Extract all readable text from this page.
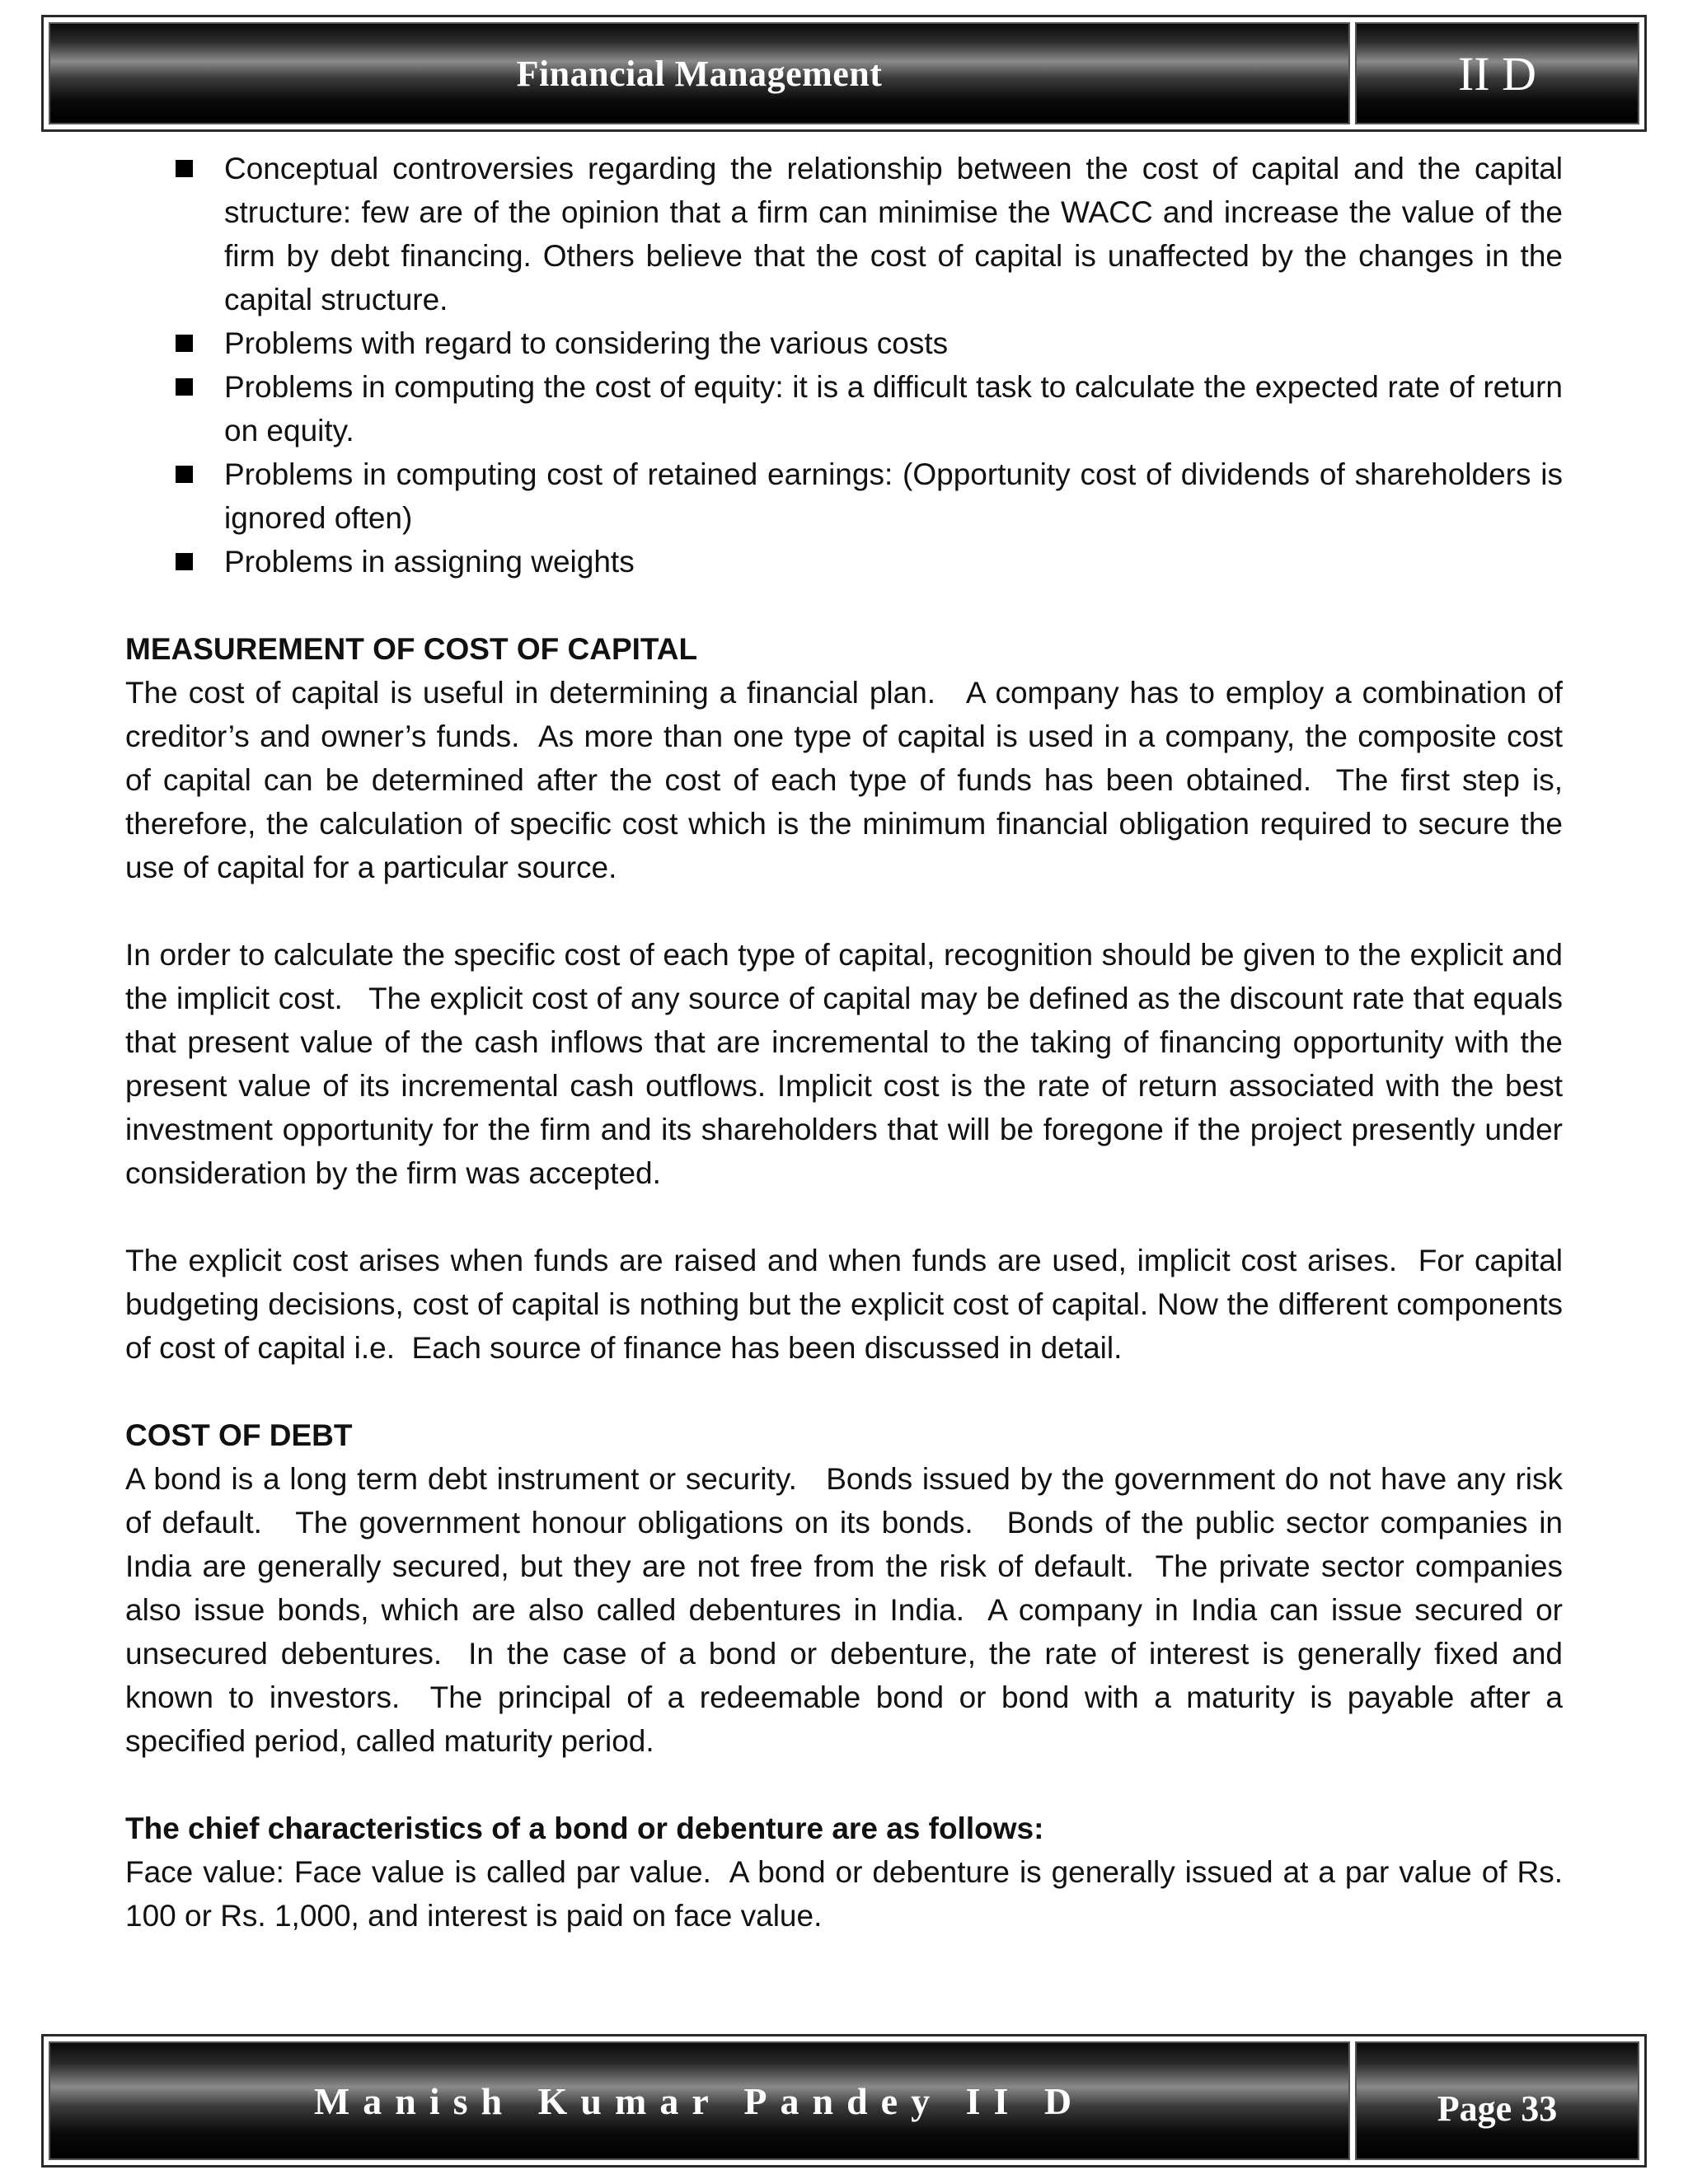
Financial Management	II D
Conceptual controversies regarding the relationship between the cost of capital and the capital structure: few are of the opinion that a firm can minimise the WACC and increase the value of the firm by debt financing. Others believe that the cost of capital is unaffected by the changes in the capital structure.
Problems with regard to considering the various costs
Problems in computing the cost of equity: it is a difficult task to calculate the expected rate of return on equity.
Problems in computing cost of retained earnings: (Opportunity cost of dividends of shareholders is ignored often)
Problems in assigning weights
MEASUREMENT OF COST OF CAPITAL

The cost of capital is useful in determining a financial plan.   A company has to employ a combination of creditor’s and owner’s funds.  As more than one type of capital is used in a company, the composite cost of capital can be determined after the cost of each type of funds has been obtained.  The first step is, therefore, the calculation of specific cost which is the minimum financial obligation required to secure the use of capital for a particular source.

In order to calculate the specific cost of each type of capital, recognition should be given to the explicit and the implicit cost.   The explicit cost of any source of capital may be defined as the discount rate that equals that present value of the cash inflows that are incremental to the taking of financing opportunity with the present value of its incremental cash outflows. Implicit cost is the rate of return associated with the best investment opportunity for the firm and its shareholders that will be foregone if the project presently under consideration by the firm was accepted.

The explicit cost arises when funds are raised and when funds are used, implicit cost arises.  For capital budgeting decisions, cost of capital is nothing but the explicit cost of capital. Now the different components of cost of capital i.e.  Each source of finance has been discussed in detail.

COST OF DEBT

A bond is a long term debt instrument or security.   Bonds issued by the government do not have any risk of default.   The government honour obligations on its bonds.   Bonds of the public sector companies in India are generally secured, but they are not free from the risk of default.  The private sector companies also issue bonds, which are also called debentures in India.  A company in India can issue secured or unsecured debentures.  In the case of a bond or debenture, the rate of interest is generally fixed and known to investors.  The principal of a redeemable bond or bond with a maturity is payable after a specified period, called maturity period.

The chief characteristics of a bond or debenture are as follows:

Face value: Face value is called par value.  A bond or debenture is generally issued at a par value of Rs. 100 or Rs. 1,000, and interest is paid on face value.

Manish Kumar Pandey II D	Page 33
